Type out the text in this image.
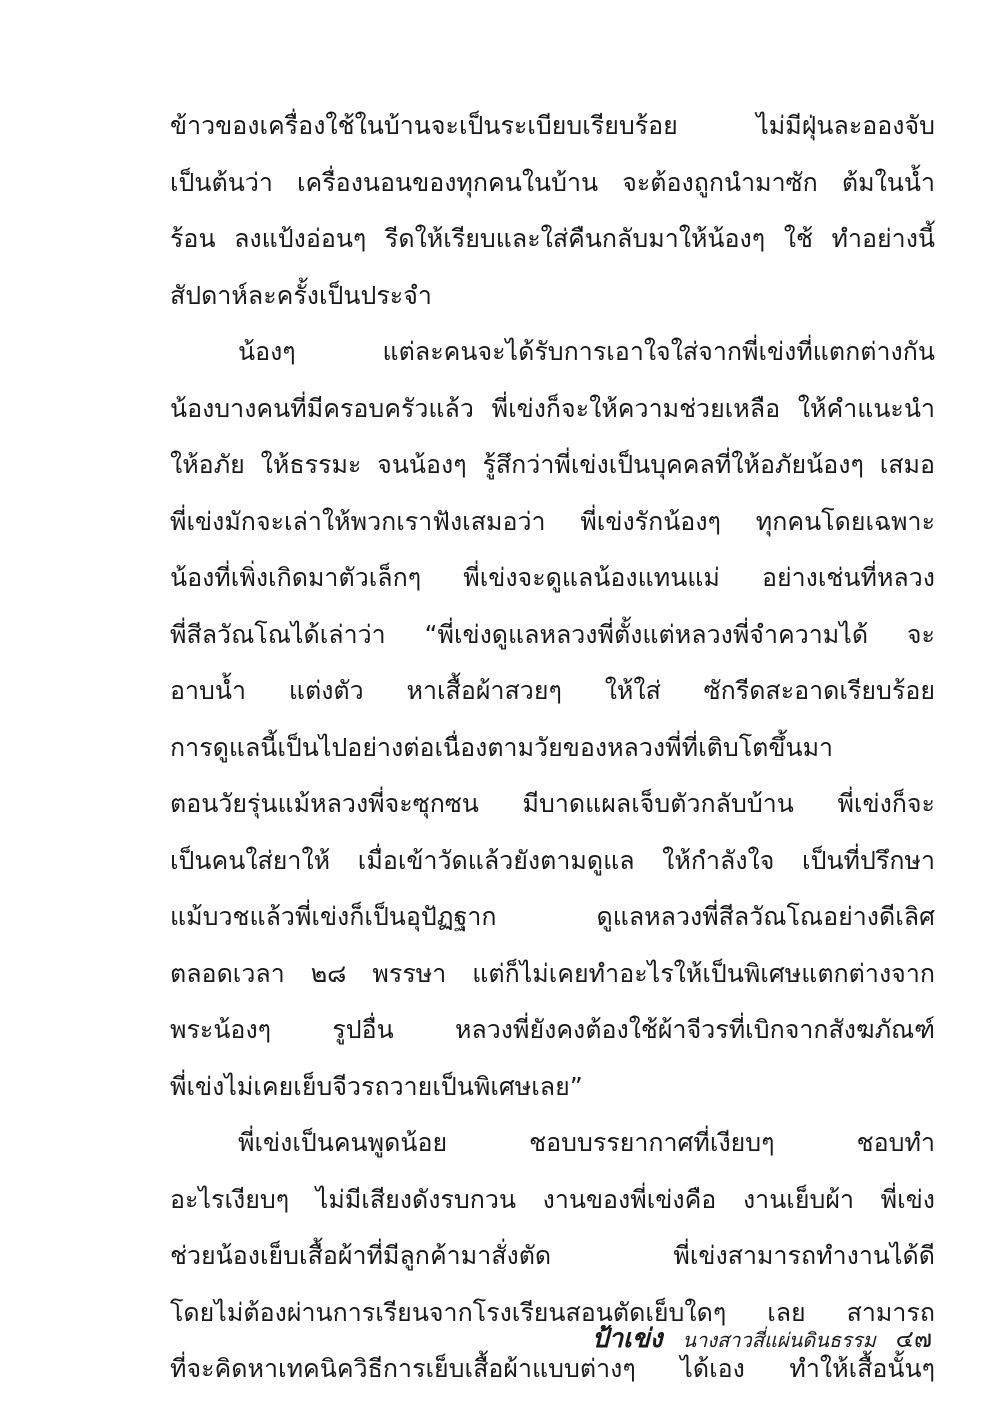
ข้าวของเครื่องใช้ในบ้านจะเป็นระเบียบเรียบร้อย ไม่มีฝุ่นละอองจับ
เป็นต้นว่า เครื่องนอนของทุกคนในบ้าน จะต้องถูกนำมาซัก ต้มในน้ำ
ร้อน ลงแป้งอ่อนๆ รีดให้เรียบและใส่คืนกลับมาให้น้องๆ ใช้ ทำอย่างนี้
สัปดาห์ละครั้งเป็นประจำ
น้องๆ แต่ละคนจะได้รับการเอาใจใส่จากพี่เข่งที่แตกต่างกัน
น้องบางคนที่มีครอบครัวแล้ว พี่เข่งก็จะให้ความช่วยเหลือ ให้คำแนะนำ
ให้อภัย ให้ธรรมะ จนน้องๆ รู้สึกว่าพี่เข่งเป็นบุคคลที่ให้อภัยน้องๆ เสมอ
พี่เข่งมักจะเล่าให้พวกเราฟังเสมอว่า พี่เข่งรักน้องๆ ทุกคนโดยเฉพาะ
น้องที่เพิ่งเกิดมาตัวเล็กๆ พี่เข่งจะดูแลน้องแทนแม่ อย่างเช่นที่หลวง
พี่สีลวัณโณได้เล่าว่า “พี่เข่งดูแลหลวงพี่ตั้งแต่หลวงพี่จำความได้ จะ
อาบน้ำ แต่งตัว หาเสื้อผ้าสวยๆ ให้ใส่ ซักรีดสะอาดเรียบร้อย
การดูแลนี้เป็นไปอย่างต่อเนื่องตามวัยของหลวงพี่ที่เติบโตขึ้นมา
ตอนวัยรุ่นแม้หลวงพี่จะซุกซน มีบาดแผลเจ็บตัวกลับบ้าน พี่เข่งก็จะ
เป็นคนใส่ยาให้ เมื่อเข้าวัดแล้วยังตามดูแล ให้กำลังใจ เป็นที่ปรึกษา
แม้บวชแล้วพี่เข่งก็เป็นอุปัฏฐาก ดูแลหลวงพี่สีลวัณโณอย่างดีเลิศ
ตลอดเวลา ๒๘ พรรษา แต่ก็ไม่เคยทำอะไรให้เป็นพิเศษแตกต่างจาก
พระน้องๆ รูปอื่น หลวงพี่ยังคงต้องใช้ผ้าจีวรที่เบิกจากสังฆภัณฑ์
พี่เข่งไม่เคยเย็บจีวรถวายเป็นพิเศษเลย”
พี่เข่งเป็นคนพูดน้อย ชอบบรรยากาศที่เงียบๆ ชอบทำ
อะไรเงียบๆ ไม่มีเสียงดังรบกวน งานของพี่เข่งคือ งานเย็บผ้า พี่เข่ง
ช่วยน้องเย็บเสื้อผ้าที่มีลูกค้ามาสั่งตัด พี่เข่งสามารถทำงานได้ดี
โดยไม่ต้องผ่านการเรียนจากโรงเรียนสอนตัดเย็บใดๆ เลย สามารถ
ที่จะคิดหาเทคนิควิธีการเย็บเสื้อผ้าแบบต่างๆ ได้เอง ทำให้เสื้อนั้นๆ
ป้าเข่ง นางสาวสี่แผ่นดินธรรม ๔๗
